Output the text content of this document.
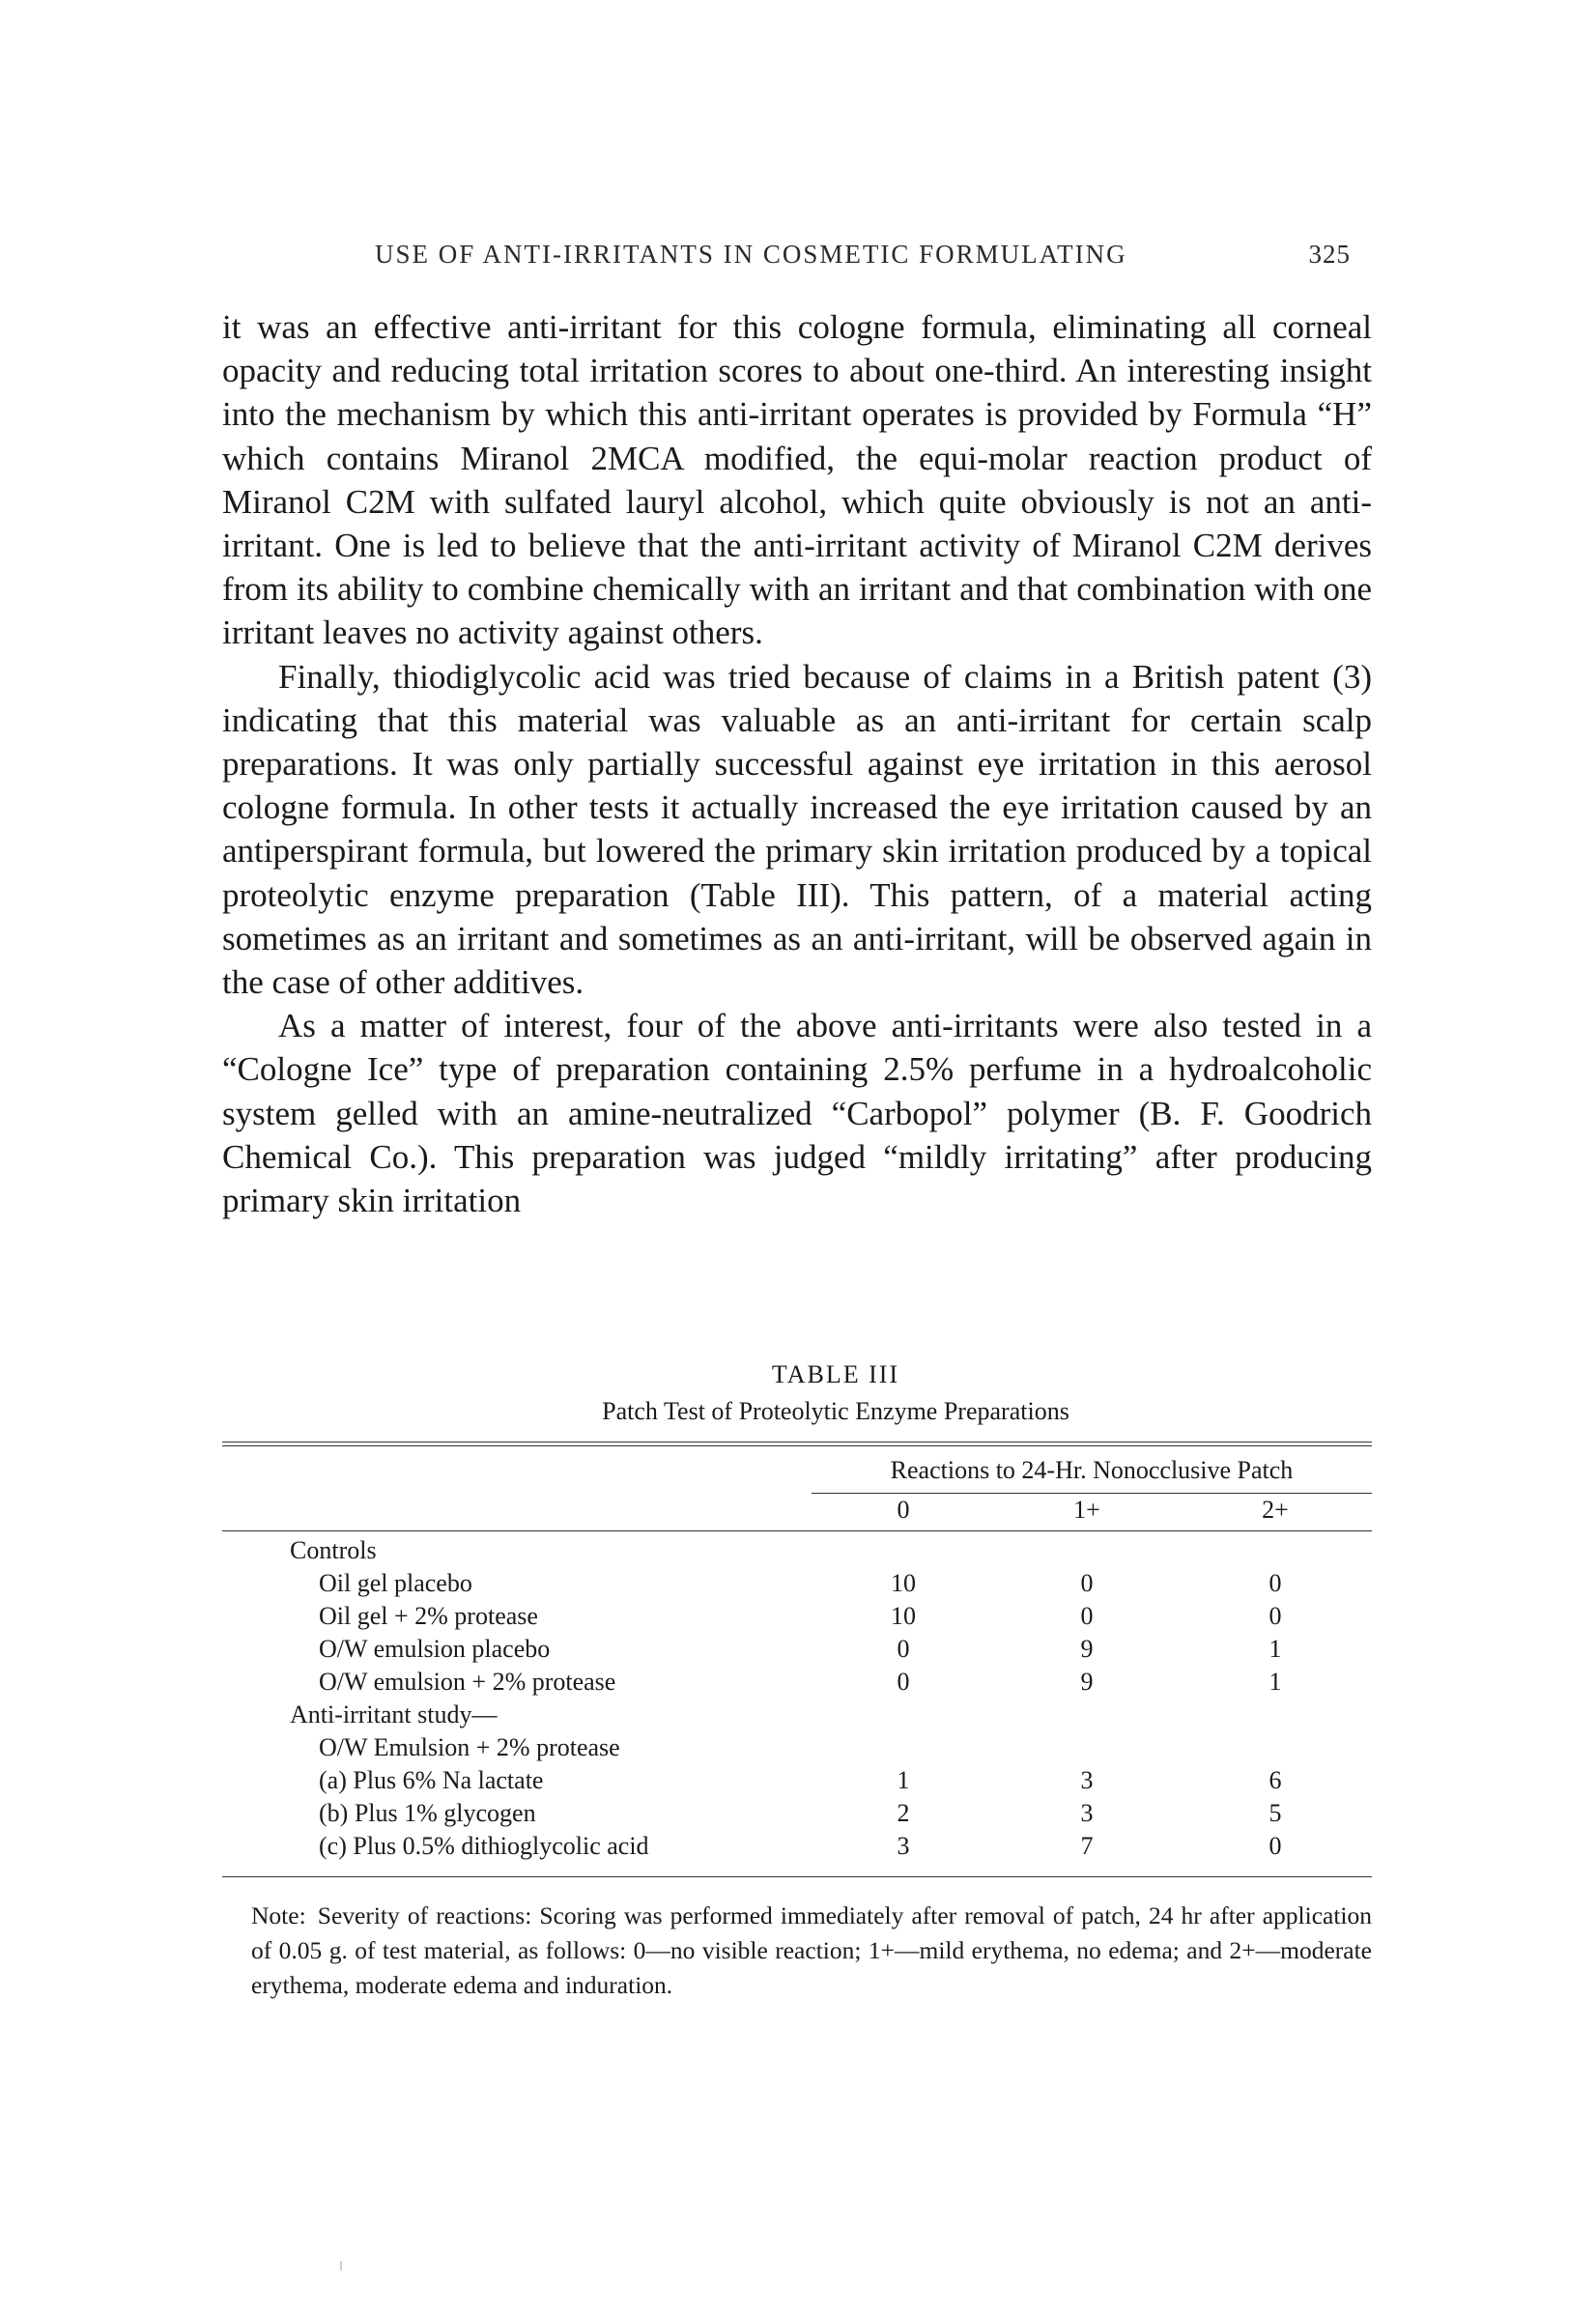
USE OF ANTI-IRRITANTS IN COSMETIC FORMULATING	325

it was an effective anti-irritant for this cologne formula, eliminating all corneal opacity and reducing total irritation scores to about one-third. An interesting insight into the mechanism by which this anti-irritant operates is provided by Formula “H” which contains Miranol 2MCA modified, the equi-molar reaction product of Miranol C2M with sulfated lauryl alcohol, which quite obviously is not an anti-irritant. One is led to believe that the anti-irritant activity of Miranol C2M derives from its ability to combine chemically with an irritant and that combination with one irritant leaves no activity against others.

Finally, thiodiglycolic acid was tried because of claims in a British patent (3) indicating that this material was valuable as an anti-irritant for certain scalp preparations. It was only partially successful against eye irritation in this aerosol cologne formula. In other tests it actually increased the eye irritation caused by an antiperspirant formula, but lowered the primary skin irritation produced by a topical proteolytic enzyme preparation (Table III). This pattern, of a material acting sometimes as an irritant and sometimes as an anti-irritant, will be observed again in the case of other additives.

As a matter of interest, four of the above anti-irritants were also tested in a “Cologne Ice” type of preparation containing 2.5% perfume in a hydroalcoholic system gelled with an amine-neutralized “Carbopol” polymer (B. F. Goodrich Chemical Co.). This preparation was judged “mildly irritating” after producing primary skin irritation

TABLE III
Patch Test of Proteolytic Enzyme Preparations

	Reactions to 24-Hr. Nonocclusive Patch		

	0	1+	2+

Controls			
Oil gel placebo	10	0	0
Oil gel + 2% protease	10	0	0
O/W emulsion placebo	0	9	1
O/W emulsion + 2% protease	0	9	1
Anti-irritant study—			
O/W Emulsion + 2% protease			
(a) Plus 6% Na lactate	1	3	6
(b) Plus 1% glycogen	2	3	5
(c) Plus 0.5% dithioglycolic acid	3	7	0

Note: Severity of reactions: Scoring was performed immediately after removal of patch, 24 hr after application of 0.05 g. of test material, as follows: 0—no visible reaction; 1+—mild erythema, no edema; and 2+—moderate erythema, moderate edema and induration.
